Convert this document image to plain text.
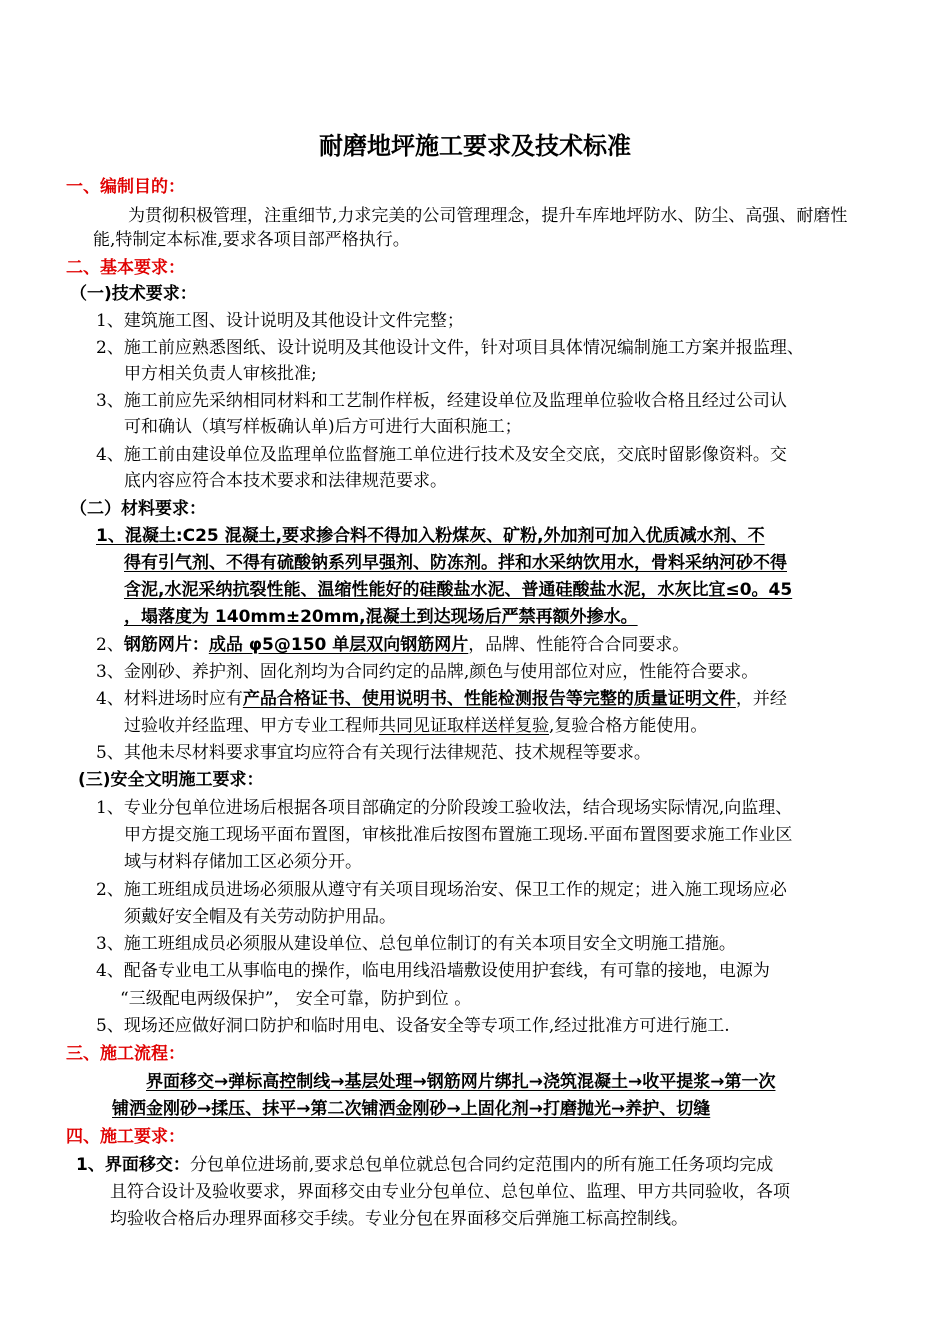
耐磨地坪施工要求及技术标准
一、编制目的：
为贯彻积极管理，注重细节,力求完美的公司管理理念，提升车库地坪防水、防尘、高强、耐磨性
能,特制定本标准,要求各项目部严格执行。
二、基本要求：
（一)技术要求：
1、建筑施工图、设计说明及其他设计文件完整；
2、施工前应熟悉图纸、设计说明及其他设计文件，针对项目具体情况编制施工方案并报监理、
甲方相关负责人审核批准;
3、施工前应先采纳相同材料和工艺制作样板，经建设单位及监理单位验收合格且经过公司认
可和确认（填写样板确认单)后方可进行大面积施工；
4、施工前由建设单位及监理单位监督施工单位进行技术及安全交底，交底时留影像资料。交
底内容应符合本技术要求和法律规范要求。
（二）材料要求：
1、混凝土:C25 混凝土,要求掺合料不得加入粉煤灰、矿粉,外加剂可加入优质减水剂、不
得有引气剂、不得有硫酸钠系列早强剂、防冻剂。拌和水采纳饮用水，骨料采纳河砂不得
含泥,水泥采纳抗裂性能、温缩性能好的硅酸盐水泥、普通硅酸盐水泥，水灰比宜≤0。45
，塌落度为 140mm±20mm,混凝土到达现场后严禁再额外掺水。
2、钢筋网片：成品 φ5@150 单层双向钢筋网片，品牌、性能符合合同要求。
3、金刚砂、养护剂、固化剂均为合同约定的品牌,颜色与使用部位对应，性能符合要求。
4、材料进场时应有产品合格证书、使用说明书、性能检测报告等完整的质量证明文件，并经
过验收并经监理、甲方专业工程师共同见证取样送样复验,复验合格方能使用。
5、其他未尽材料要求事宜均应符合有关现行法律规范、技术规程等要求。
(三)安全文明施工要求：
1、专业分包单位进场后根据各项目部确定的分阶段竣工验收法，结合现场实际情况,向监理、
甲方提交施工现场平面布置图，审核批准后按图布置施工现场.平面布置图要求施工作业区
域与材料存储加工区必须分开。
2、施工班组成员进场必须服从遵守有关项目现场治安、保卫工作的规定；进入施工现场应必
须戴好安全帽及有关劳动防护用品。
3、施工班组成员必须服从建设单位、总包单位制订的有关本项目安全文明施工措施。
4、配备专业电工从事临电的操作，临电用线沿墙敷设使用护套线，有可靠的接地，电源为
“三级配电两级保护”， 安全可靠，防护到位 。
5、现场还应做好洞口防护和临时用电、设备安全等专项工作,经过批准方可进行施工.
三、施工流程：
界面移交→弹标高控制线→基层处理→钢筋网片绑扎→浇筑混凝土→收平提浆→第一次
铺洒金刚砂→揉压、抹平→第二次铺洒金刚砂→上固化剂→打磨抛光→养护、切缝
四、施工要求：
1、界面移交：分包单位进场前,要求总包单位就总包合同约定范围内的所有施工任务项均完成
且符合设计及验收要求，界面移交由专业分包单位、总包单位、监理、甲方共同验收，各项
均验收合格后办理界面移交手续。专业分包在界面移交后弹施工标高控制线。
